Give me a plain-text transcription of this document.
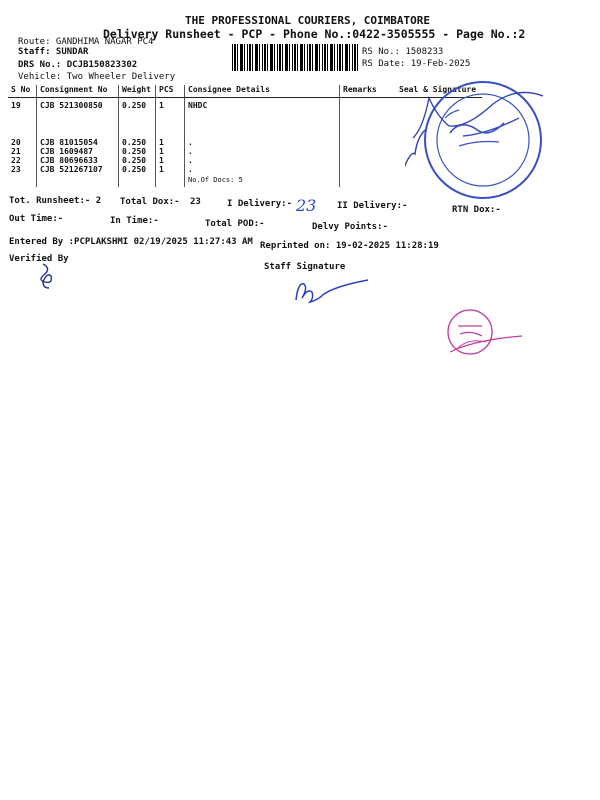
THE PROFESSIONAL COURIERS, COIMBATORE
Delivery Runsheet - PCP - Phone No.:0422-3505555 - Page No.:2
Route: GANDHIMA NAGAR PC4
Staff: SUNDAR
DRS No.: DCJB150823302
Vehicle: Two Wheeler Delivery
RS No.: 1508233
RS Date: 19-Feb-2025
S No	Consignment No	Weight	PCS	Consignee Details	Remarks	Seal & Signature
19	CJB 521300850	0.250	1	NHDC		
20	CJB 81015054	0.250	1	.		
21	CJB 1609487	0.250	1	.		
22	CJB 80696633	0.250	1	.		
23	CJB 521267107	0.250	1	.
No.Of Docs: 5		

Tot. Runsheet:- 2 Total Dox:- 23	I Delivery:-	II Delivery:-	RTN Dox:-
Out Time:-	In Time:-	Total POD:-	Delvy Points:-
Entered By :PCPLAKSHMI 02/19/2025 11:27:43 AM Reprinted on: 19-02-2025 11:28:19
Verified By
Staff Signature
23
